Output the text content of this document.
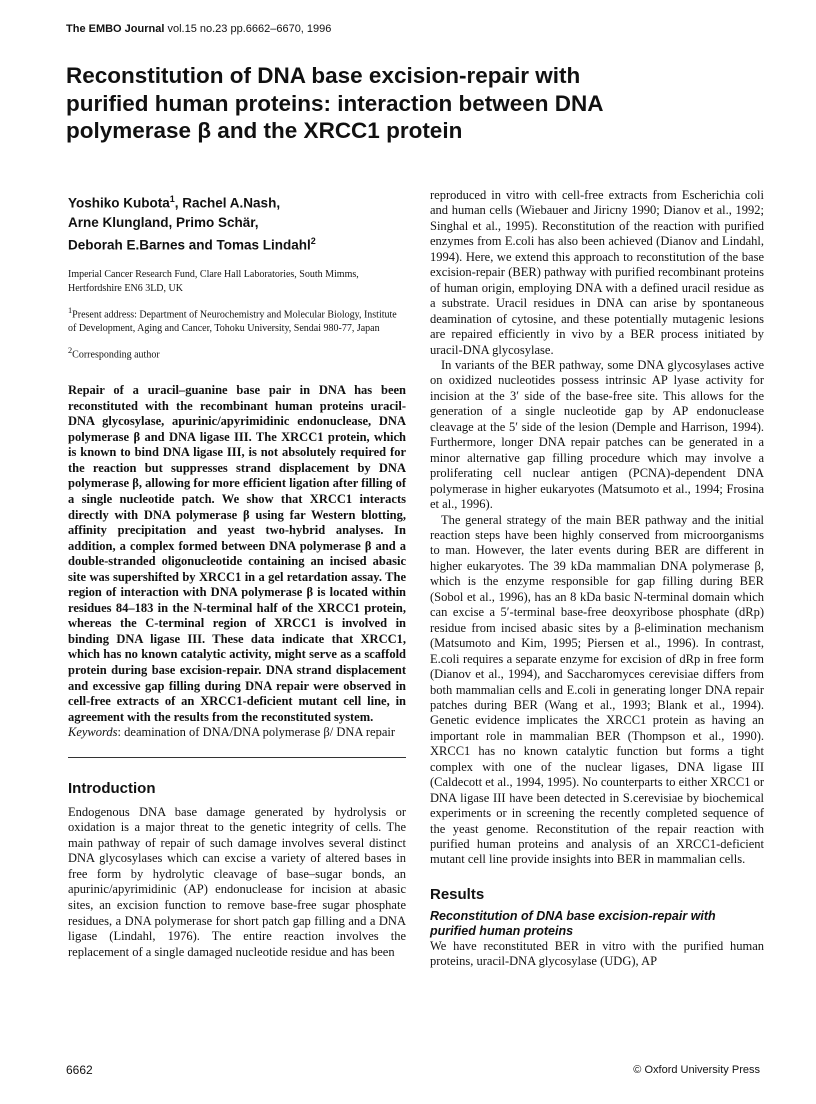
The EMBO Journal vol.15 no.23 pp.6662–6670, 1996
Reconstitution of DNA base excision-repair with
purified human proteins: interaction between DNA
polymerase β and the XRCC1 protein
Yoshiko Kubota$^1$, Rachel A.Nash,
Arne Klungland, Primo Schär,
Deborah E.Barnes and Tomas Lindahl$^2$
Imperial Cancer Research Fund, Clare Hall Laboratories, South Mimms, Hertfordshire EN6 3LD, UK
$^1$Present address: Department of Neurochemistry and Molecular Biology, Institute of Development, Aging and Cancer, Tohoku University, Sendai 980-77, Japan
$^2$Corresponding author
Repair of a uracil–guanine base pair in DNA has been reconstituted with the recombinant human proteins uracil-DNA glycosylase, apurinic/apyrimidinic endonuclease, DNA polymerase β and DNA ligase III. The XRCC1 protein, which is known to bind DNA ligase III, is not absolutely required for the reaction but suppresses strand displacement by DNA polymerase β, allowing for more efficient ligation after filling of a single nucleotide patch. We show that XRCC1 interacts directly with DNA polymerase β using far Western blotting, affinity precipitation and yeast two-hybrid analyses. In addition, a complex formed between DNA polymerase β and a double-stranded oligonucleotide containing an incised abasic site was supershifted by XRCC1 in a gel retardation assay. The region of interaction with DNA polymerase β is located within residues 84–183 in the N-terminal half of the XRCC1 protein, whereas the C-terminal region of XRCC1 is involved in binding DNA ligase III. These data indicate that XRCC1, which has no known catalytic activity, might serve as a scaffold protein during base excision-repair. DNA strand displacement and excessive gap filling during DNA repair were observed in cell-free extracts of an XRCC1-deficient mutant cell line, in agreement with the results from the reconstituted system.
Keywords: deamination of DNA/DNA polymerase β/ DNA repair
Introduction

Endogenous DNA base damage generated by hydrolysis or oxidation is a major threat to the genetic integrity of cells. The main pathway of repair of such damage involves several distinct DNA glycosylases which can excise a variety of altered bases in free form by hydrolytic cleavage of base–sugar bonds, an apurinic/apyrimidinic (AP) endonuclease for incision at abasic sites, an excision function to remove base-free sugar phosphate residues, a DNA polymerase for short patch gap filling and a DNA ligase (Lindahl, 1976). The entire reaction involves the replacement of a single damaged nucleotide residue and has been

reproduced in vitro with cell-free extracts from Escherichia coli and human cells (Wiebauer and Jiricny 1990; Dianov et al., 1992; Singhal et al., 1995). Reconstitution of the reaction with purified enzymes from E.coli has also been achieved (Dianov and Lindahl, 1994). Here, we extend this approach to reconstitution of the base excision-repair (BER) pathway with purified recombinant proteins of human origin, employing DNA with a defined uracil residue as a substrate. Uracil residues in DNA can arise by spontaneous deamination of cytosine, and these potentially mutagenic lesions are repaired efficiently in vivo by a BER process initiated by uracil-DNA glycosylase.

In variants of the BER pathway, some DNA glycosylases active on oxidized nucleotides possess intrinsic AP lyase activity for incision at the 3′ side of the base-free site. This allows for the generation of a single nucleotide gap by AP endonuclease cleavage at the 5′ side of the lesion (Demple and Harrison, 1994). Furthermore, longer DNA repair patches can be generated in a minor alternative gap filling procedure which may involve a proliferating cell nuclear antigen (PCNA)-dependent DNA polymerase in higher eukaryotes (Matsumoto et al., 1994; Frosina et al., 1996).

The general strategy of the main BER pathway and the initial reaction steps have been highly conserved from microorganisms to man. However, the later events during BER are different in higher eukaryotes. The 39 kDa mammalian DNA polymerase β, which is the enzyme responsible for gap filling during BER (Sobol et al., 1996), has an 8 kDa basic N-terminal domain which can excise a 5′-terminal base-free deoxyribose phosphate (dRp) residue from incised abasic sites by a β-elimination mechanism (Matsumoto and Kim, 1995; Piersen et al., 1996). In contrast, E.coli requires a separate enzyme for excision of dRp in free form (Dianov et al., 1994), and Saccharomyces cerevisiae differs from both mammalian cells and E.coli in generating longer DNA repair patches during BER (Wang et al., 1993; Blank et al., 1994). Genetic evidence implicates the XRCC1 protein as having an important role in mammalian BER (Thompson et al., 1990). XRCC1 has no known catalytic function but forms a tight complex with one of the nuclear ligases, DNA ligase III (Caldecott et al., 1994, 1995). No counterparts to either XRCC1 or DNA ligase III have been detected in S.cerevisiae by biochemical experiments or in screening the recently completed sequence of the yeast genome. Reconstitution of the repair reaction with purified human proteins and analysis of an XRCC1-deficient mutant cell line provide insights into BER in mammalian cells.

Results
Reconstitution of DNA base excision-repair with purified human proteins

We have reconstituted BER in vitro with the purified human proteins, uracil-DNA glycosylase (UDG), AP

6662	© Oxford University Press
